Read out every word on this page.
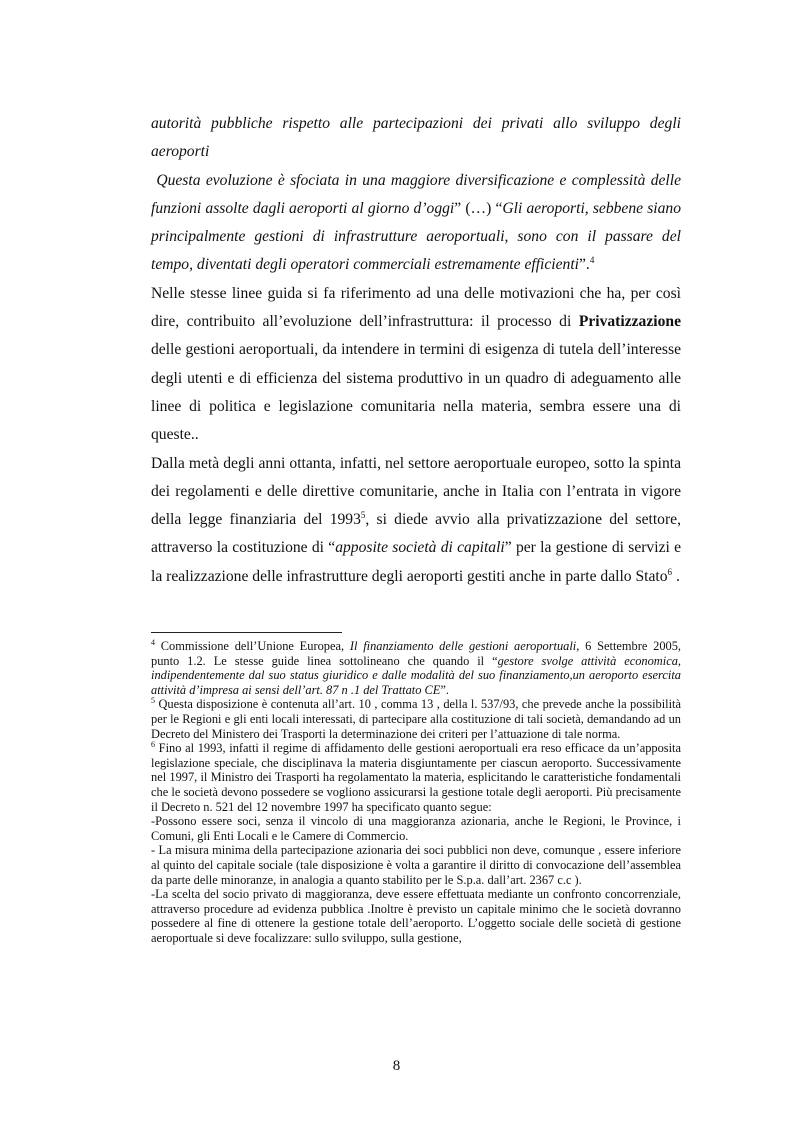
autorità pubbliche rispetto alle partecipazioni dei privati allo sviluppo degli aeroporti

Questa evoluzione è sfociata in una maggiore diversificazione e complessità delle funzioni assolte dagli aeroporti al giorno d’oggi” (…) “Gli aeroporti, sebbene siano principalmente gestioni di infrastrutture aeroportuali, sono con il passare del tempo, diventati degli operatori commerciali estremamente efficienti”.$^4$

Nelle stesse linee guida si fa riferimento ad una delle motivazioni che ha, per così dire, contribuito all’evoluzione dell’infrastruttura: il processo di Privatizzazione delle gestioni aeroportuali, da intendere in termini di esigenza di tutela dell’interesse degli utenti e di efficienza del sistema produttivo in un quadro di adeguamento alle linee di politica e legislazione comunitaria nella materia, sembra essere una di queste..

Dalla metà degli anni ottanta, infatti, nel settore aeroportuale europeo, sotto la spinta dei regolamenti e delle direttive comunitarie, anche in Italia con l’entrata in vigore della legge finanziaria del 1993$^5$, si diede avvio alla privatizzazione del settore, attraverso la costituzione di “apposite società di capitali” per la gestione di servizi e la realizzazione delle infrastrutture degli aeroporti gestiti anche in parte dallo Stato$^6$ .

$^4$ Commissione dell’Unione Europea, Il finanziamento delle gestioni aeroportuali, 6 Settembre 2005, punto 1.2. Le stesse guide linea sottolineano che quando il “gestore svolge attività economica, indipendentemente dal suo status giuridico e dalle modalità del suo finanziamento,un aeroporto esercita attività d’impresa ai sensi dell’art. 87 n .1 del Trattato CE”.

$^5$ Questa disposizione è contenuta all’art. 10 , comma 13 , della l. 537/93, che prevede anche la possibilità per le Regioni e gli enti locali interessati, di partecipare alla costituzione di tali società, demandando ad un Decreto del Ministero dei Trasporti la determinazione dei criteri per l’attuazione di tale norma.

$^6$ Fino al 1993, infatti il regime di affidamento delle gestioni aeroportuali era reso efficace da un’apposita legislazione speciale, che disciplinava la materia disgiuntamente per ciascun aeroporto. Successivamente nel 1997, il Ministro dei Trasporti ha regolamentato la materia, esplicitando le caratteristiche fondamentali che le società devono possedere se vogliono assicurarsi la gestione totale degli aeroporti. Più precisamente il Decreto n. 521 del 12 novembre 1997 ha specificato quanto segue:

-Possono essere soci, senza il vincolo di una maggioranza azionaria, anche le Regioni, le Province, i Comuni, gli Enti Locali e le Camere di Commercio.

- La misura minima della partecipazione azionaria dei soci pubblici non deve, comunque , essere inferiore al quinto del capitale sociale (tale disposizione è volta a garantire il diritto di convocazione dell’assemblea da parte delle minoranze, in analogia a quanto stabilito per le S.p.a. dall’art. 2367 c.c ).

-La scelta del socio privato di maggioranza, deve essere effettuata mediante un confronto concorrenziale, attraverso procedure ad evidenza pubblica .Inoltre è previsto un capitale minimo che le società dovranno possedere al fine di ottenere la gestione totale dell’aeroporto. L’oggetto sociale delle società di gestione aeroportuale si deve focalizzare: sullo sviluppo, sulla gestione,

8
